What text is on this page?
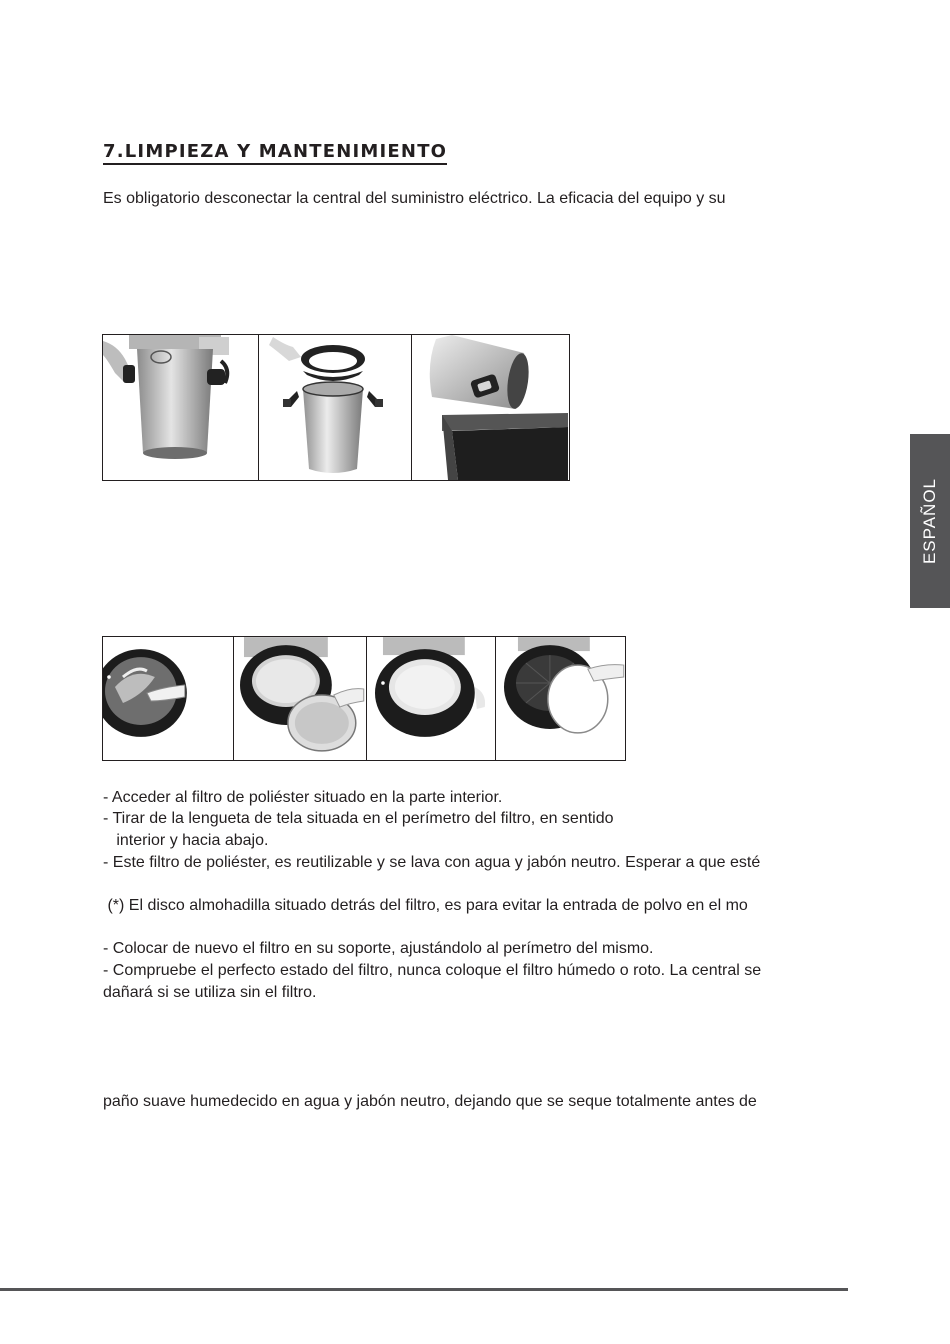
7.LIMPIEZA Y MANTENIMIENTO
Es obligatorio desconectar la central del suministro eléctrico. La eficacia del equipo y su
ESPAÑOL
- Acceder al filtro de poliéster situado en la parte interior.
- Tirar de la lengueta de tela situada en el perímetro del filtro, en sentido
interior y hacia abajo.
- Este filtro de poliéster, es reutilizable y se lava con agua y jabón neutro. Esperar a que esté
(*) El disco almohadilla situado detrás del filtro, es para evitar la entrada de polvo en el mo
- Colocar de nuevo el filtro en su soporte, ajustándolo al perímetro del mismo.
- Compruebe el perfecto estado del filtro, nunca coloque el filtro húmedo o roto. La central se
dañará si se utiliza sin el filtro.
paño suave humedecido en agua y jabón neutro, dejando que se seque totalmente antes de
